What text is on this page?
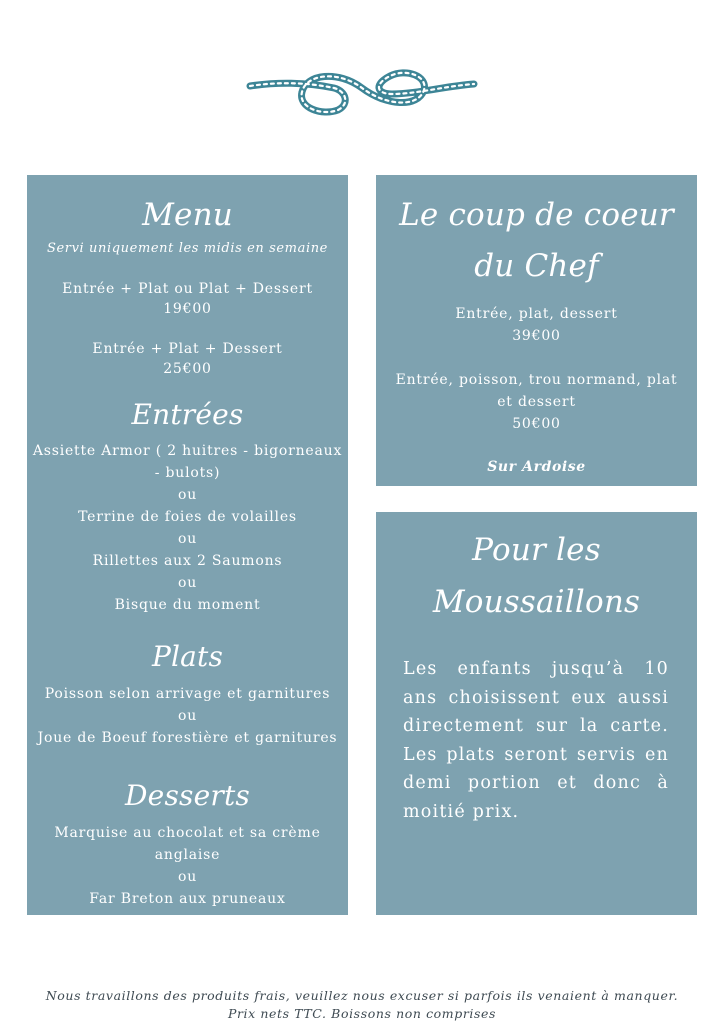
Menu

Servi uniquement les midis en semaine

Entrée + Plat ou Plat + Dessert

19€00

Entrée + Plat + Dessert

25€00

Entrées

Assiette Armor ( 2 huitres - bigorneaux

- bulots)

ou

Terrine de foies de volailles

ou

Rillettes aux 2 Saumons

ou

Bisque du moment

Plats

Poisson selon arrivage et garnitures

ou

Joue de Boeuf forestière et garnitures

Desserts

Marquise au chocolat et sa crème

anglaise

ou

Far Breton aux pruneaux

Le coup de coeur
du Chef

Entrée, plat, dessert

39€00

Entrée, poisson, trou normand, plat

et dessert

50€00

Sur Ardoise

Pour les
Moussaillons
Les enfants jusqu’à 10 ans choisissent eux aussi directement sur la carte. Les plats seront servis en demi portion et donc à moitié prix.
Nous travaillons des produits frais, veuillez nous excuser si parfois ils venaient à manquer.
Prix nets TTC. Boissons non comprises
